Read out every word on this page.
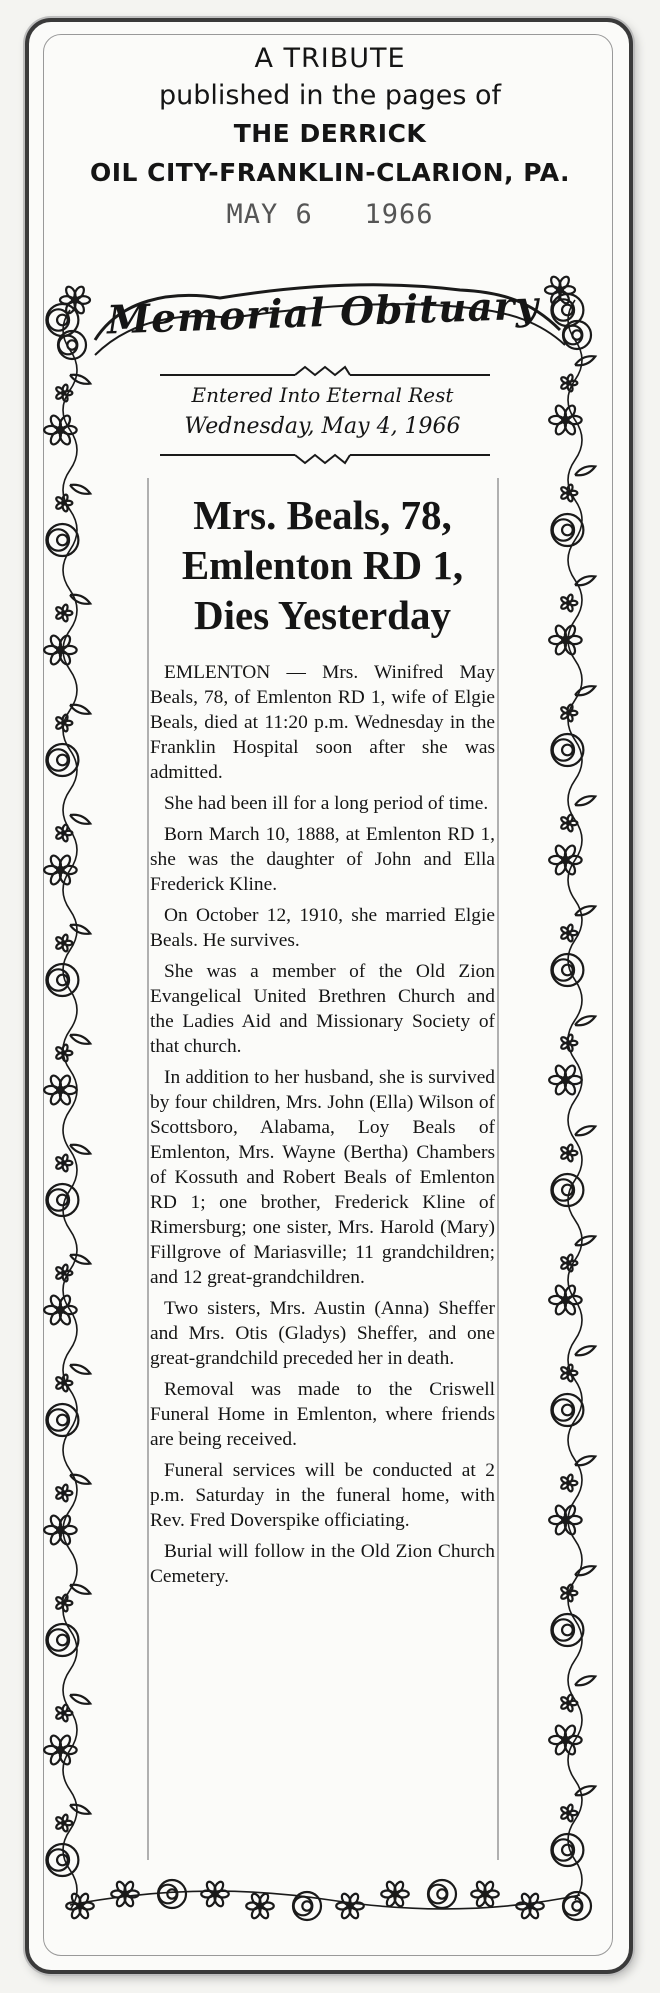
A TRIBUTE
published in the pages of
THE DERRICK
OIL CITY-FRANKLIN-CLARION, PA.
MAY 6   1966
Memorial Obituary
Entered Into Eternal Rest
Wednesday, May 4, 1966
Mrs. Beals, 78, Emlenton RD 1, Dies Yesterday

EMLENTON — Mrs. Winifred May Beals, 78, of Emlenton RD 1, wife of Elgie Beals, died at 11:20 p.m. Wednesday in the Franklin Hospital soon after she was admitted.

She had been ill for a long period of time.

Born March 10, 1888, at Emlenton RD 1, she was the daughter of John and Ella Frederick Kline.

On October 12, 1910, she married Elgie Beals. He survives.

She was a member of the Old Zion Evangelical United Brethren Church and the Ladies Aid and Missionary Society of that church.

In addition to her husband, she is survived by four children, Mrs. John (Ella) Wilson of Scottsboro, Alabama, Loy Beals of Emlenton, Mrs. Wayne (Bertha) Chambers of Kossuth and Robert Beals of Emlenton RD 1; one brother, Frederick Kline of Rimersburg; one sister, Mrs. Harold (Mary) Fillgrove of Mariasville; 11 grandchildren; and 12 great-grandchildren.

Two sisters, Mrs. Austin (Anna) Sheffer and Mrs. Otis (Gladys) Sheffer, and one great-grandchild preceded her in death.

Removal was made to the Criswell Funeral Home in Emlenton, where friends are being received.

Funeral services will be conducted at 2 p.m. Saturday in the funeral home, with Rev. Fred Doverspike officiating.

Burial will follow in the Old Zion Church Cemetery.
